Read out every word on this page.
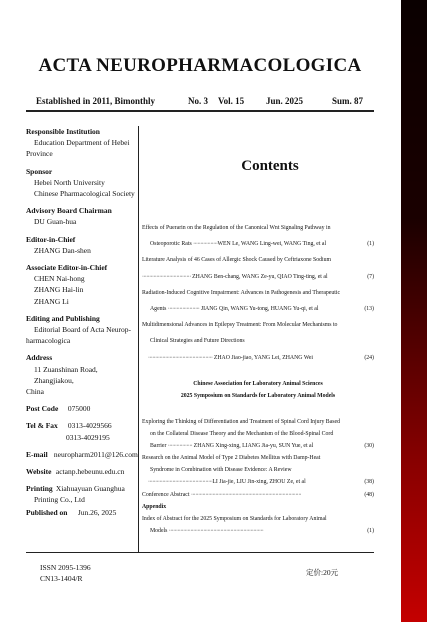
ACTA NEUROPHARMACOLOGICA
Established in 2011, Bimonthly	No. 3 Vol. 15 Jun. 2025	Sum. 87
Responsible Institution
Education Department of Hebei
Province
Sponsor
Hebei North University
Chinese Pharmacological Society
Advisory Board Chairman
DU Guan-hua
Editor-in-Chief
ZHANG Dan-shen
Associate Editor-in-Chief
CHEN Nai-hong
ZHANG Hai-lin
ZHANG Li
Editing and Publishing
Editorial Board of Acta Neurop-
harmacologica
Address
11 Zuanshinan Road, Zhangjiakou,
China
Post Code 075000
Tel & Fax 0313-4029566
0313-4029195
E-mail neuropharm2011@126.com
Website actanp.hebeunu.edu.cn
Printing Xiahuayuan Guanghua
Printing Co., Ltd
Published on Jun.26, 2025
Contents
Effects of Puerarin on the Regulation of the Canonical Wnt Signaling Pathway in
Osteoporotic Rats ·················WEN Le, WANG Ling-wei, WANG Ting, et al	(1)
Literature Analysis of 46 Cases of Allergic Shock Caused by Ceftriaxone Sodium
·································· ZHANG Ben-chang, WANG Ze-yu, QIAO Ting-ting, et al	(7)
Radiation-Induced Cognitive Impairment: Advances in Pathogenesis and Therapeutic
Agents ······················ JIANG Qin, WANG Yu-tong, HUANG Yu-qi, et al	(13)
Multidimensional Advances in Epilepsy Treatment: From Molecular Mechanisms to
Clinical Strategies and Future Directions
············································· ZHAO Jiao-jiao, YANG Lei, ZHANG Wei	(24)
Chinese Association for Laboratory Animal Sciences
2025 Symposium on Standards for Laboratory Animal Models
Exploring the Thinking of Differentiation and Treatment of Spinal Cord Injury Based
on the Collateral Disease Theory and the Mechanism of the Blood-Spinal Cord
Barrier ················· ZHANG Xing-xing, LIANG Jia-yu, SUN Yue, et al	(30)
Research on the Animal Model of Type 2 Diabetes Mellitus with Damp-Heat
Syndrome in Combination with Disease Evidence: A Review
·············································LI Jia-jie, LIU Jin-xing, ZHOU Ze, et al	(38)
Conference Abstract ·············································································	(48)
Appendix
Index of Abstract for the 2025 Symposium on Standards for Laboratory Animal
Models ··································································	(1)
ISSN 2095-1396
CN13-1404/R
定价:20元
